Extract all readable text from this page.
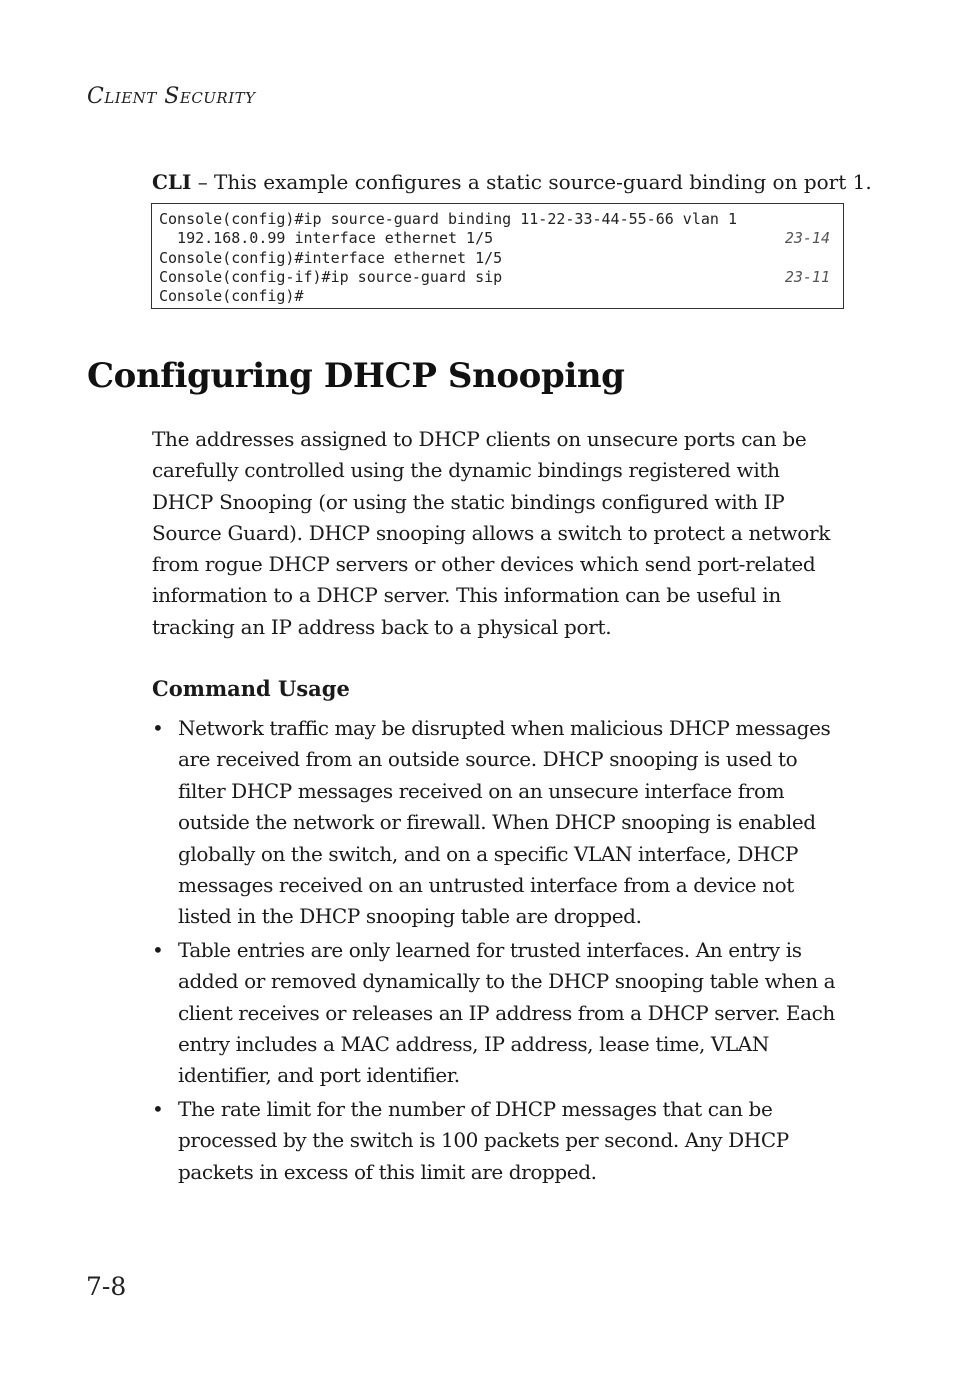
Client Security
CLI – This example configures a static source-guard binding on port 1.
Console(config)#ip source-guard binding 11-22-33-44-55-66 vlan 1
192.168.0.99 interface ethernet 1/5	23-14
Console(config)#interface ethernet 1/5
Console(config-if)#ip source-guard sip	23-11
Console(config)#
Configuring DHCP Snooping

The addresses assigned to DHCP clients on unsecure ports can be carefully controlled using the dynamic bindings registered with DHCP Snooping (or using the static bindings configured with IP Source Guard). DHCP snooping allows a switch to protect a network from rogue DHCP servers or other devices which send port-related information to a DHCP server. This information can be useful in tracking an IP address back to a physical port.

Command Usage
• Network traffic may be disrupted when malicious DHCP messages are received from an outside source. DHCP snooping is used to filter DHCP messages received on an unsecure interface from outside the network or firewall. When DHCP snooping is enabled globally on the switch, and on a specific VLAN interface, DHCP messages received on an untrusted interface from a device not listed in the DHCP snooping table are dropped.
• Table entries are only learned for trusted interfaces. An entry is added or removed dynamically to the DHCP snooping table when a client receives or releases an IP address from a DHCP server. Each entry includes a MAC address, IP address, lease time, VLAN identifier, and port identifier.
• The rate limit for the number of DHCP messages that can be processed by the switch is 100 packets per second. Any DHCP packets in excess of this limit are dropped.
7-8
